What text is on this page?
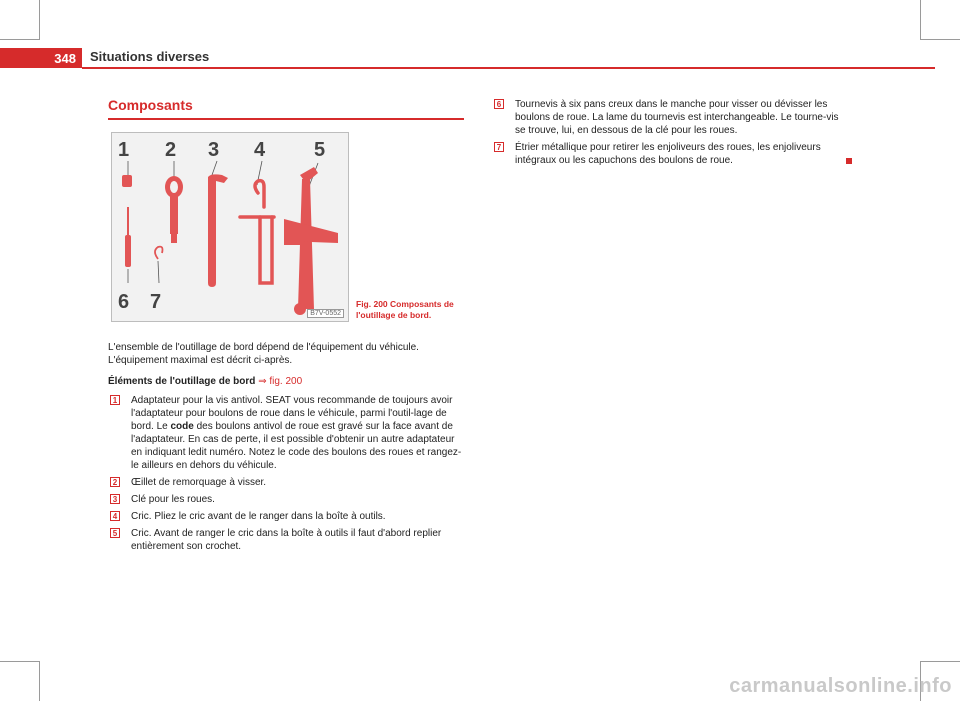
348 Situations diverses
Composants
1 2 3 4 5
6 7
B7V-0552
Fig. 200 Composants de l'outillage de bord.
L'ensemble de l'outillage de bord dépend de l'équipement du véhicule. L'équipement maximal est décrit ci-après.
Éléments de l'outillage de bord ⇒ fig. 200
1 Adaptateur pour la vis antivol. SEAT vous recommande de toujours avoir l'adaptateur pour boulons de roue dans le véhicule, parmi l'outil-lage de bord. Le code des boulons antivol de roue est gravé sur la face avant de l'adaptateur. En cas de perte, il est possible d'obtenir un autre adaptateur en indiquant ledit numéro. Notez le code des boulons des roues et rangez-le ailleurs en dehors du véhicule.
2 Œillet de remorquage à visser.
3 Clé pour les roues.
4 Cric. Pliez le cric avant de le ranger dans la boîte à outils.
5 Cric. Avant de ranger le cric dans la boîte à outils il faut d'abord replier entièrement son crochet.
6 Tournevis à six pans creux dans le manche pour visser ou dévisser les boulons de roue. La lame du tournevis est interchangeable. Le tourne-vis se trouve, lui, en dessous de la clé pour les roues.
7 Étrier métallique pour retirer les enjoliveurs des roues, les enjoliveurs intégraux ou les capuchons des boulons de roue.
carmanualsonline.info
